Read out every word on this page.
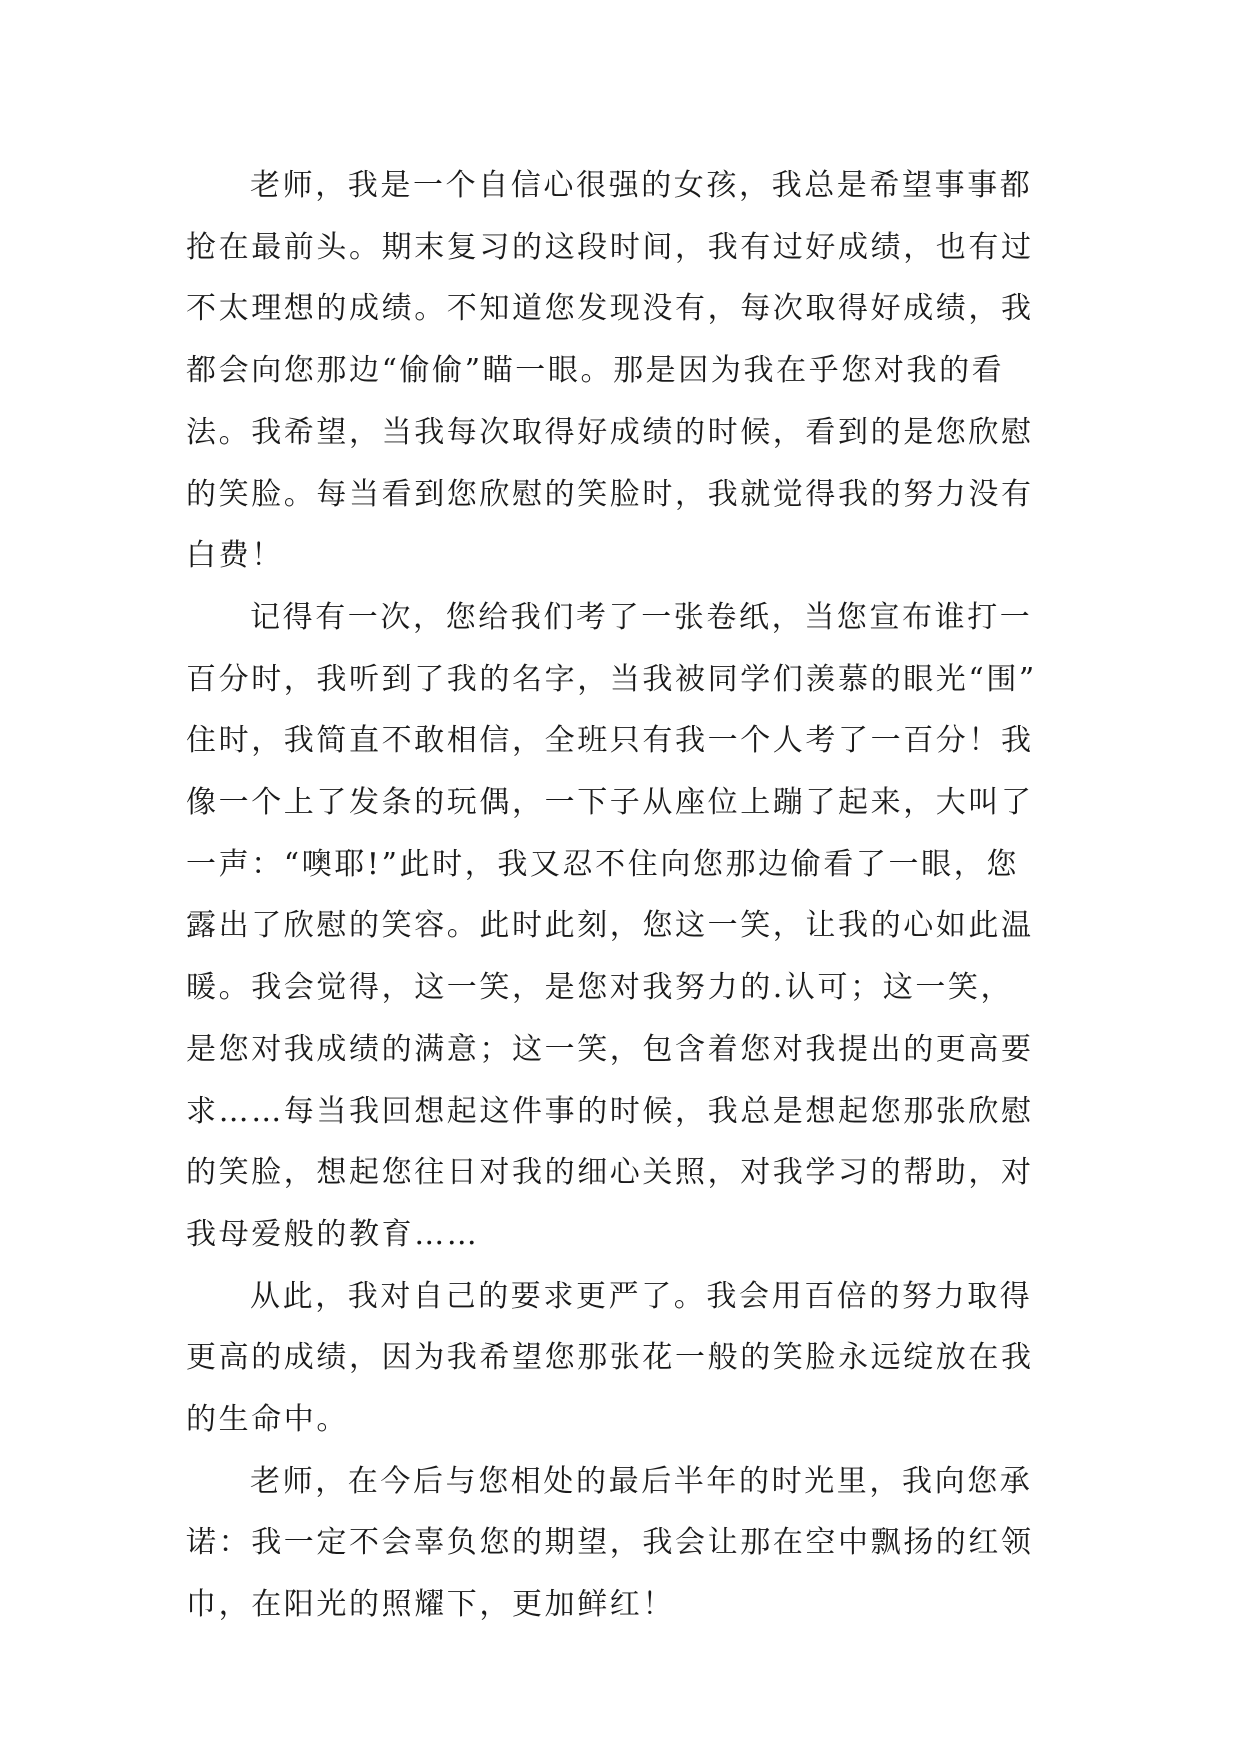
老师，我是一个自信心很强的女孩，我总是希望事事都
抢在最前头。期末复习的这段时间，我有过好成绩，也有过
不太理想的成绩。不知道您发现没有，每次取得好成绩，我
都会向您那边“偷偷”瞄一眼。那是因为我在乎您对我的看
法。我希望，当我每次取得好成绩的时候，看到的是您欣慰
的笑脸。每当看到您欣慰的笑脸时，我就觉得我的努力没有
白费！

记得有一次，您给我们考了一张卷纸，当您宣布谁打一
百分时，我听到了我的名字，当我被同学们羡慕的眼光“围”
住时，我简直不敢相信，全班只有我一个人考了一百分！我
像一个上了发条的玩偶，一下子从座位上蹦了起来，大叫了
一声：“噢耶!”此时，我又忍不住向您那边偷看了一眼，您
露出了欣慰的笑容。此时此刻，您这一笑，让我的心如此温
暖。我会觉得，这一笑，是您对我努力的.认可；这一笑，
是您对我成绩的满意；这一笑，包含着您对我提出的更高要
求……每当我回想起这件事的时候，我总是想起您那张欣慰
的笑脸，想起您往日对我的细心关照，对我学习的帮助，对
我母爱般的教育……

从此，我对自己的要求更严了。我会用百倍的努力取得
更高的成绩，因为我希望您那张花一般的笑脸永远绽放在我
的生命中。

老师，在今后与您相处的最后半年的时光里，我向您承
诺：我一定不会辜负您的期望，我会让那在空中飘扬的红领
巾，在阳光的照耀下，更加鲜红！
